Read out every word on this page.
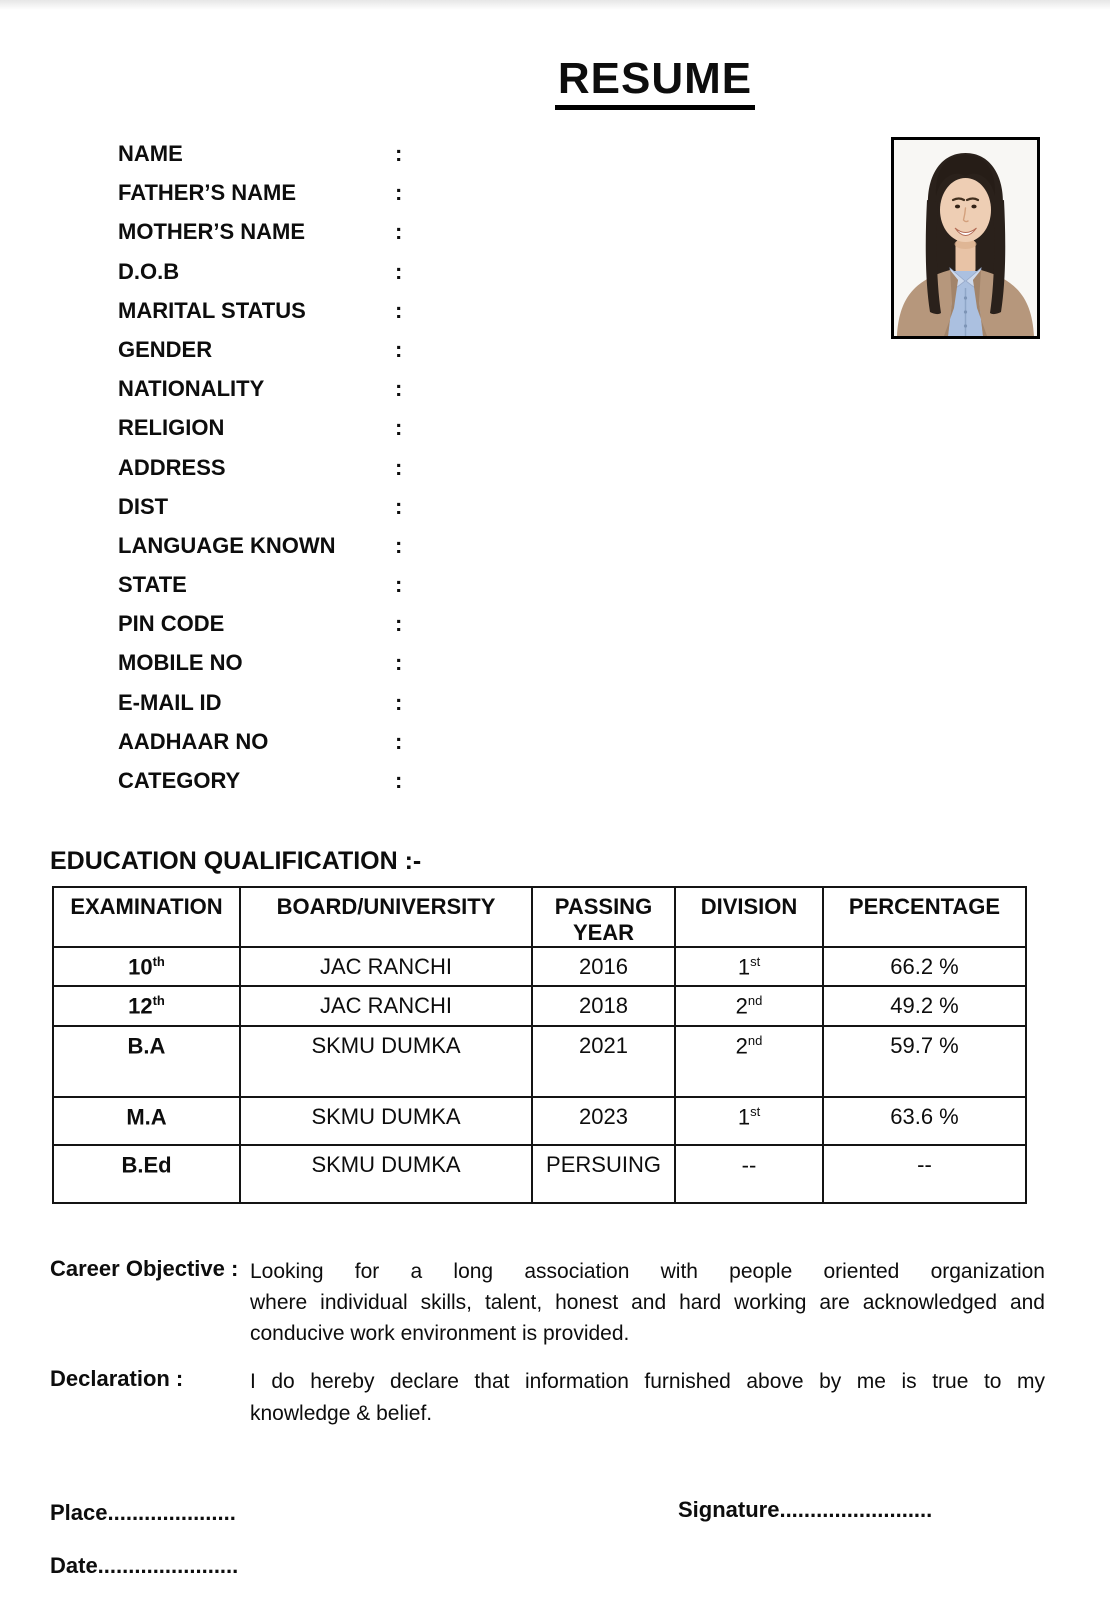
RESUME
NAME	:
FATHER’S NAME	:
MOTHER’S NAME	:
D.O.B	:
MARITAL STATUS	:
GENDER	:
NATIONALITY	:
RELIGION	:
ADDRESS	:
DIST	:
LANGUAGE KNOWN	:
STATE	:
PIN CODE	:
MOBILE NO	:
E-MAIL ID	:
AADHAAR NO	:
CATEGORY	:
EDUCATION QUALIFICATION :-
EXAMINATION	BOARD/UNIVERSITY	PASSING YEAR	DIVISION	PERCENTAGE
10th	JAC RANCHI	2016	1st	66.2 %
12th	JAC RANCHI	2018	2nd	49.2 %
B.A	SKMU DUMKA	2021	2nd	59.7 %
M.A	SKMU DUMKA	2023	1st	63.6 %
B.Ed	SKMU DUMKA	PERSUING	--	--
Career Objective : Looking for a long association with people oriented organization
where individual skills, talent, honest and hard working are acknowledged and
conducive work environment is provided.
Declaration :	I do hereby declare that information furnished above by me is true to my
knowledge & belief.
Place.....................	Signature.........................
Date.......................
